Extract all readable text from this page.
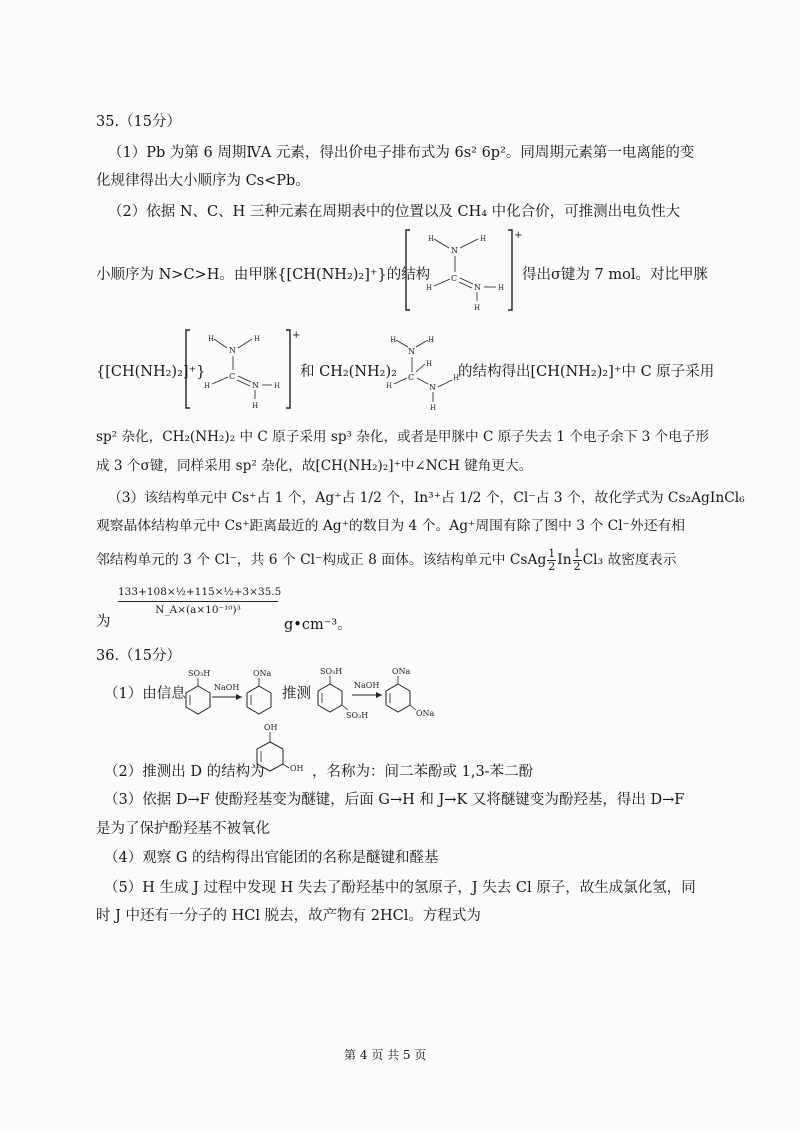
35.（15分）
（1）Pb 为第 6 周期ⅣA 元素，得出价电子排布式为 6s² 6p²。同周期元素第一电离能的变
化规律得出大小顺序为 Cs<Pb。
（2）依据 N、C、H 三种元素在周期表中的位置以及 CH₄ 中化合价，可推测出电负性大
小顺序为 N>C>H。由甲脒{[CH(NH₂)₂]⁺}的结构
+
H	H
N
C
H	N H
H
得出σ键为 7 mol。对比甲脒
{[CH(NH₂)₂]⁺}
+
H	H
N
C
H	N H
H
和 CH₂(NH₂)₂
H	H
N
H
C
H	N
H
H
的结构得出[CH(NH₂)₂]⁺中 C 原子采用
sp² 杂化，CH₂(NH₂)₂ 中 C 原子采用 sp³ 杂化，或者是甲脒中 C 原子失去 1 个电子余下 3 个电子形
成 3 个σ键，同样采用 sp² 杂化，故[CH(NH₂)₂]⁺中∠NCH 键角更大。
（3）该结构单元中 Cs⁺占 1 个，Ag⁺占 1/2 个，In³⁺占 1/2 个，Cl⁻占 3 个，故化学式为 Cs₂AgInCl₆
观察晶体结构单元中 Cs⁺距离最近的 Ag⁺的数目为 4 个。Ag⁺周围有除了图中 3 个 Cl⁻外还有相
邻结构单元的 3 个 Cl⁻，共 6 个 Cl⁻构成正 8 面体。该结构单元中 CsAg $\frac{1}{2}$ In $\frac{1}{2} Cl_3$ 故密度表示
$\frac{\text{133+108×½+115×½+3×35.5}}{\text{N\_A×(a×10⁻¹⁰)³}}$
为	g•cm⁻³。
36.（15分）
（1）由信息
SO₃H
NaOH
ONa
推测
SO₃H
SO₃H
NaOH
ONa
ONa
（2）推测出 D 的结构为
OH
OH ，名称为：间二苯酚或 1,3-苯二酚
（3）依据 D→F 使酚羟基变为醚键，后面 G→H 和 J→K 又将醚键变为酚羟基，得出 D→F
是为了保护酚羟基不被氧化
（4）观察 G 的结构得出官能团的名称是醚键和醛基
（5）H 生成 J 过程中发现 H 失去了酚羟基中的氢原子，J 失去 Cl 原子，故生成氯化氢，同
时 J 中还有一分子的 HCl 脱去，故产物有 2HCl。方程式为
第 4 页 共 5 页
